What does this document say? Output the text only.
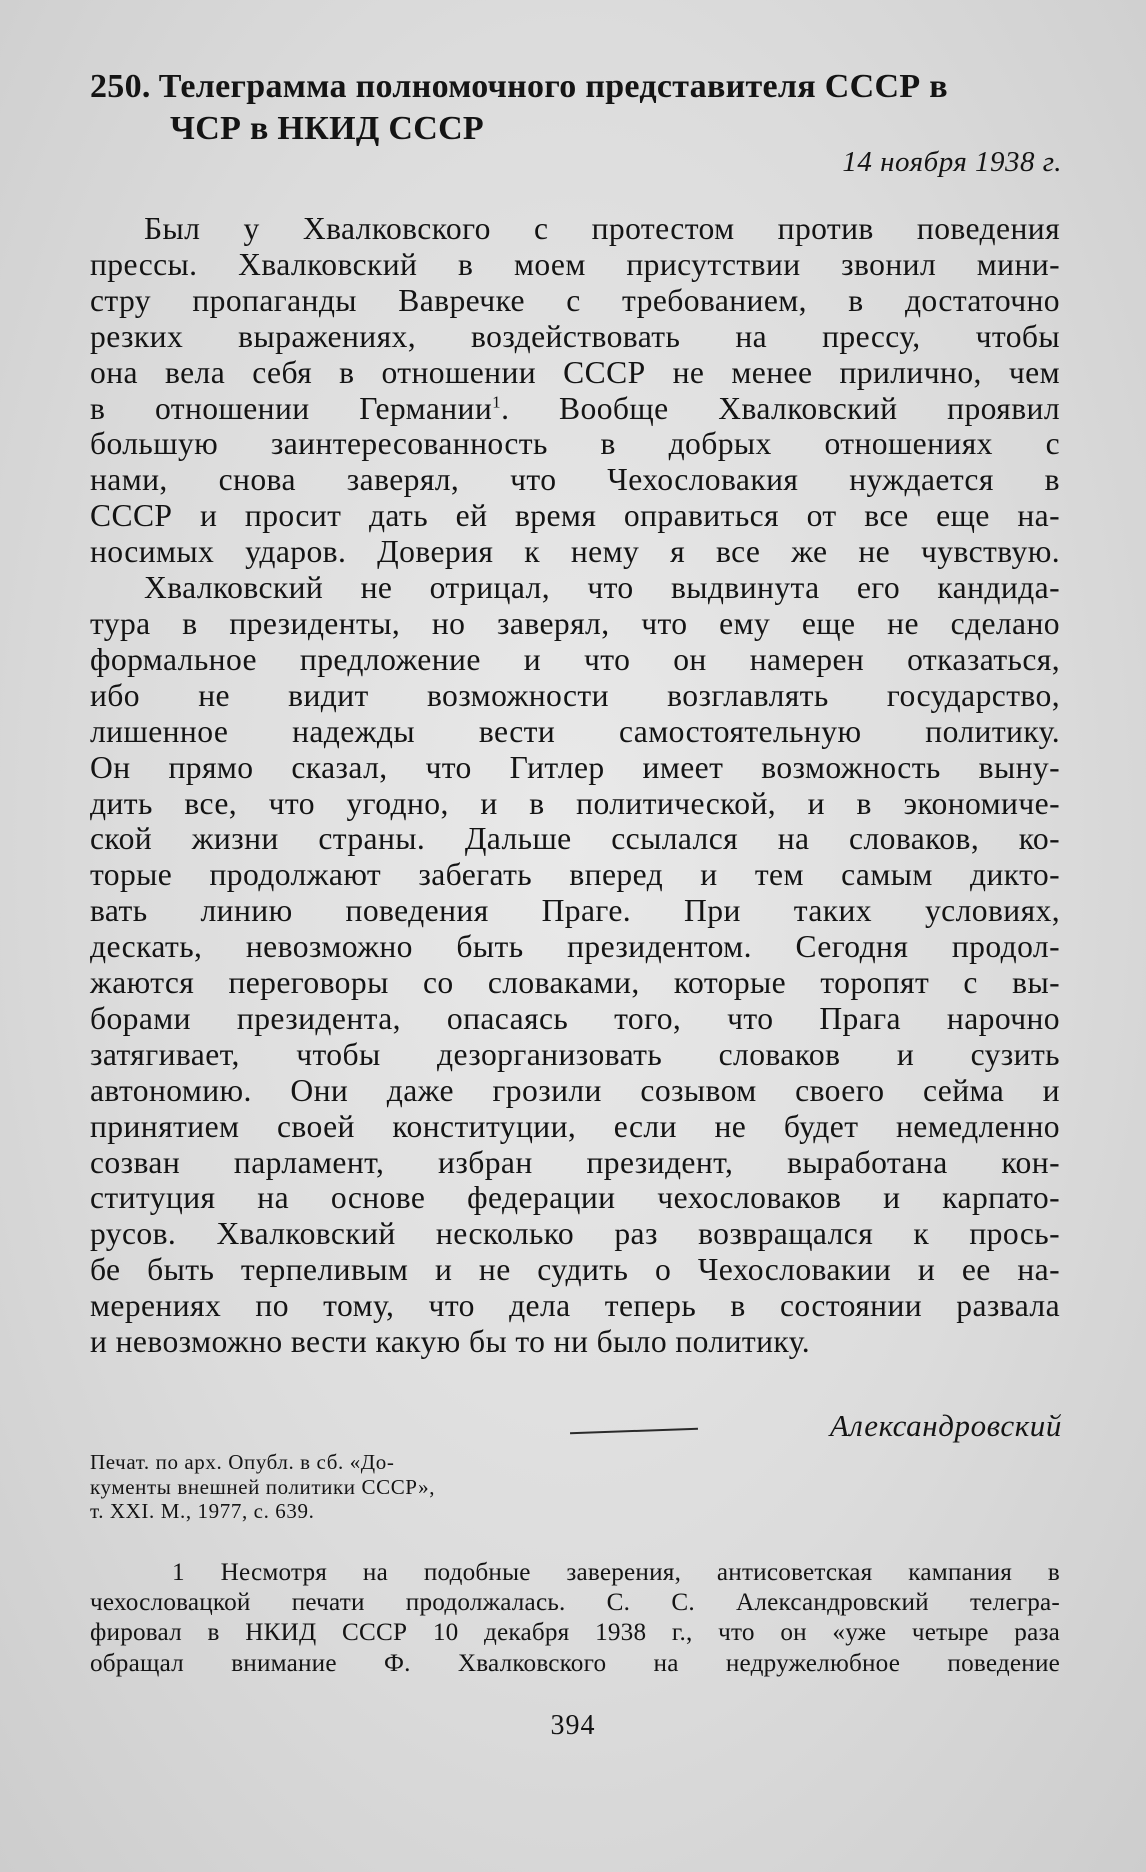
250. Телеграмма полномочного представителя СССР в
ЧСР в НКИД СССР
14 ноября 1938 г.
Был у Хвалковского с протестом против поведения
прессы. Хвалковский в моем присутствии звонил мини-
стру пропаганды Вавречке с требованием, в достаточно
резких выражениях, воздействовать на прессу, чтобы
она вела себя в отношении СССР не менее прилично, чем
в отношении Германии$^1$. Вообще Хвалковский проявил
большую заинтересованность в добрых отношениях с
нами, снова заверял, что Чехословакия нуждается в
СССР и просит дать ей время оправиться от все еще на-
носимых ударов. Доверия к нему я все же не чувствую.
Хвалковский не отрицал, что выдвинута его кандида-
тура в президенты, но заверял, что ему еще не сделано
формальное предложение и что он намерен отказаться,
ибо не видит возможности возглавлять государство,
лишенное надежды вести самостоятельную политику.
Он прямо сказал, что Гитлер имеет возможность выну-
дить все, что угодно, и в политической, и в экономиче-
ской жизни страны. Дальше ссылался на словаков, ко-
торые продолжают забегать вперед и тем самым дикто-
вать линию поведения Праге. При таких условиях,
дескать, невозможно быть президентом. Сегодня продол-
жаются переговоры со словаками, которые торопят с вы-
борами президента, опасаясь того, что Прага нарочно
затягивает, чтобы дезорганизовать словаков и сузить
автономию. Они даже грозили созывом своего сейма и
принятием своей конституции, если не будет немедленно
созван парламент, избран президент, выработана кон-
ституция на основе федерации чехословаков и карпато-
русов. Хвалковский несколько раз возвращался к прось-
бе быть терпеливым и не судить о Чехословакии и ее на-
мерениях по тому, что дела теперь в состоянии развала
и невозможно вести какую бы то ни было политику.
Александровский
Печат. по арх. Опубл. в сб. «До-
кументы внешней политики СССР»,
т. XXI. М., 1977, с. 639.
1 Несмотря на подобные заверения, антисоветская кампания в
чехословацкой печати продолжалась. С. С. Александровский телегра-
фировал в НКИД СССР 10 декабря 1938 г., что он «уже четыре раза
обращал внимание Ф. Хвалковского на недружелюбное поведение
394
